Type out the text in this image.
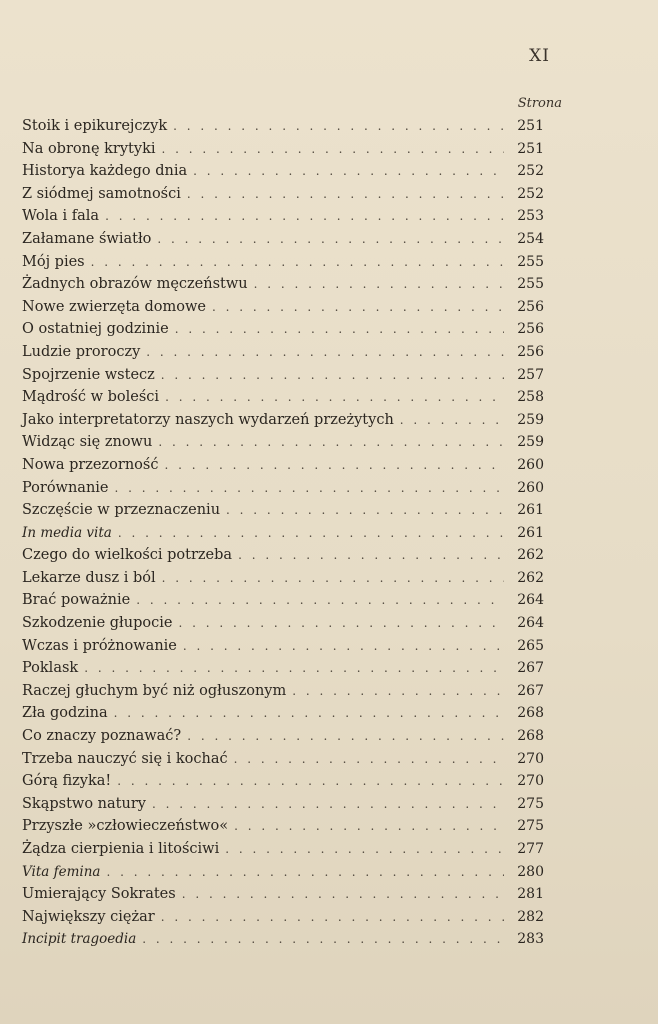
XI
Strona
Stoik i epikurejczyk . . .	251
Na obronę krytyki . . .	251
Historya każdego dnia . . .	252
Z siódmej samotności . . .	252
Wola i fala . . .	253
Załamane światło . . .	254
Mój pies . . .	255
Żadnych obrazów męczeństwu . . .	255
Nowe zwierzęta domowe . . .	256
O ostatniej godzinie . . .	256
Ludzie proroczy . . .	256
Spojrzenie wstecz . . .	257
Mądrość w boleści . . .	258
Jako interpretatorzy naszych wydarzeń przeżytych . . .	259
Widząc się znowu . . .	259
Nowa przezorność . . .	260
Porównanie . . .	260
Szczęście w przeznaczeniu . . .	261
In media vita . . .	261
Czego do wielkości potrzeba . . .	262
Lekarze dusz i ból . . .	262
Brać poważnie . . .	264
Szkodzenie głupocie . . .	264
Wczas i próżnowanie . . .	265
Poklask . . .	267
Raczej głuchym być niż ogłuszonym . . .	267
Zła godzina . . .	268
Co znaczy poznawać? . . .	268
Trzeba nauczyć się i kochać . . .	270
Górą fizyka! . . .	270
Skąpstwo natury . . .	275
Przyszłe »człowieczeństwo« . . .	275
Żądza cierpienia i litościwi . . .	277
Vita femina . . .	280
Umierający Sokrates . . .	281
Największy ciężar . . .	282
Incipit tragoedia . . .	283
